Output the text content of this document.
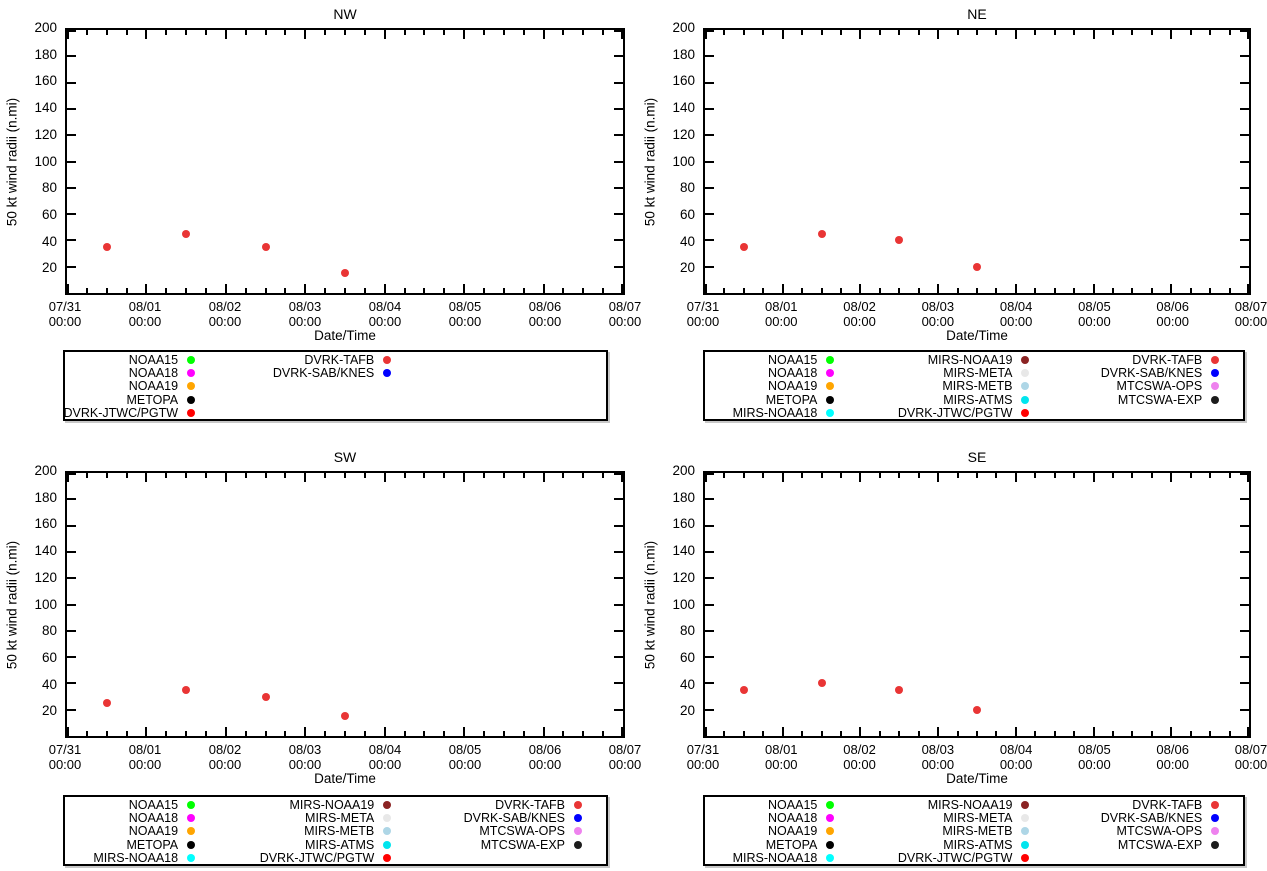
NW
20
40
60
80
100
120
140
160
180
200
07/31
00:00
08/01
00:00
08/02
00:00
08/03
00:00
08/04
00:00
08/05
00:00
08/06
00:00
08/07
00:00
Date/Time
50 kt wind radii (n.mi)
NOAA15
NOAA18
NOAA19
METOPA
DVRK-JTWC/PGTW
DVRK-TAFB
DVRK-SAB/KNES
NE
20
40
60
80
100
120
140
160
180
200
07/31
00:00
08/01
00:00
08/02
00:00
08/03
00:00
08/04
00:00
08/05
00:00
08/06
00:00
08/07
00:00
Date/Time
50 kt wind radii (n.mi)
NOAA15
NOAA18
NOAA19
METOPA
MIRS-NOAA18
MIRS-NOAA19
MIRS-META
MIRS-METB
MIRS-ATMS
DVRK-JTWC/PGTW
DVRK-TAFB
DVRK-SAB/KNES
MTCSWA-OPS
MTCSWA-EXP
SW
20
40
60
80
100
120
140
160
180
200
07/31
00:00
08/01
00:00
08/02
00:00
08/03
00:00
08/04
00:00
08/05
00:00
08/06
00:00
08/07
00:00
Date/Time
50 kt wind radii (n.mi)
NOAA15
NOAA18
NOAA19
METOPA
MIRS-NOAA18
MIRS-NOAA19
MIRS-META
MIRS-METB
MIRS-ATMS
DVRK-JTWC/PGTW
DVRK-TAFB
DVRK-SAB/KNES
MTCSWA-OPS
MTCSWA-EXP
SE
20
40
60
80
100
120
140
160
180
200
07/31
00:00
08/01
00:00
08/02
00:00
08/03
00:00
08/04
00:00
08/05
00:00
08/06
00:00
08/07
00:00
Date/Time
50 kt wind radii (n.mi)
NOAA15
NOAA18
NOAA19
METOPA
MIRS-NOAA18
MIRS-NOAA19
MIRS-META
MIRS-METB
MIRS-ATMS
DVRK-JTWC/PGTW
DVRK-TAFB
DVRK-SAB/KNES
MTCSWA-OPS
MTCSWA-EXP
